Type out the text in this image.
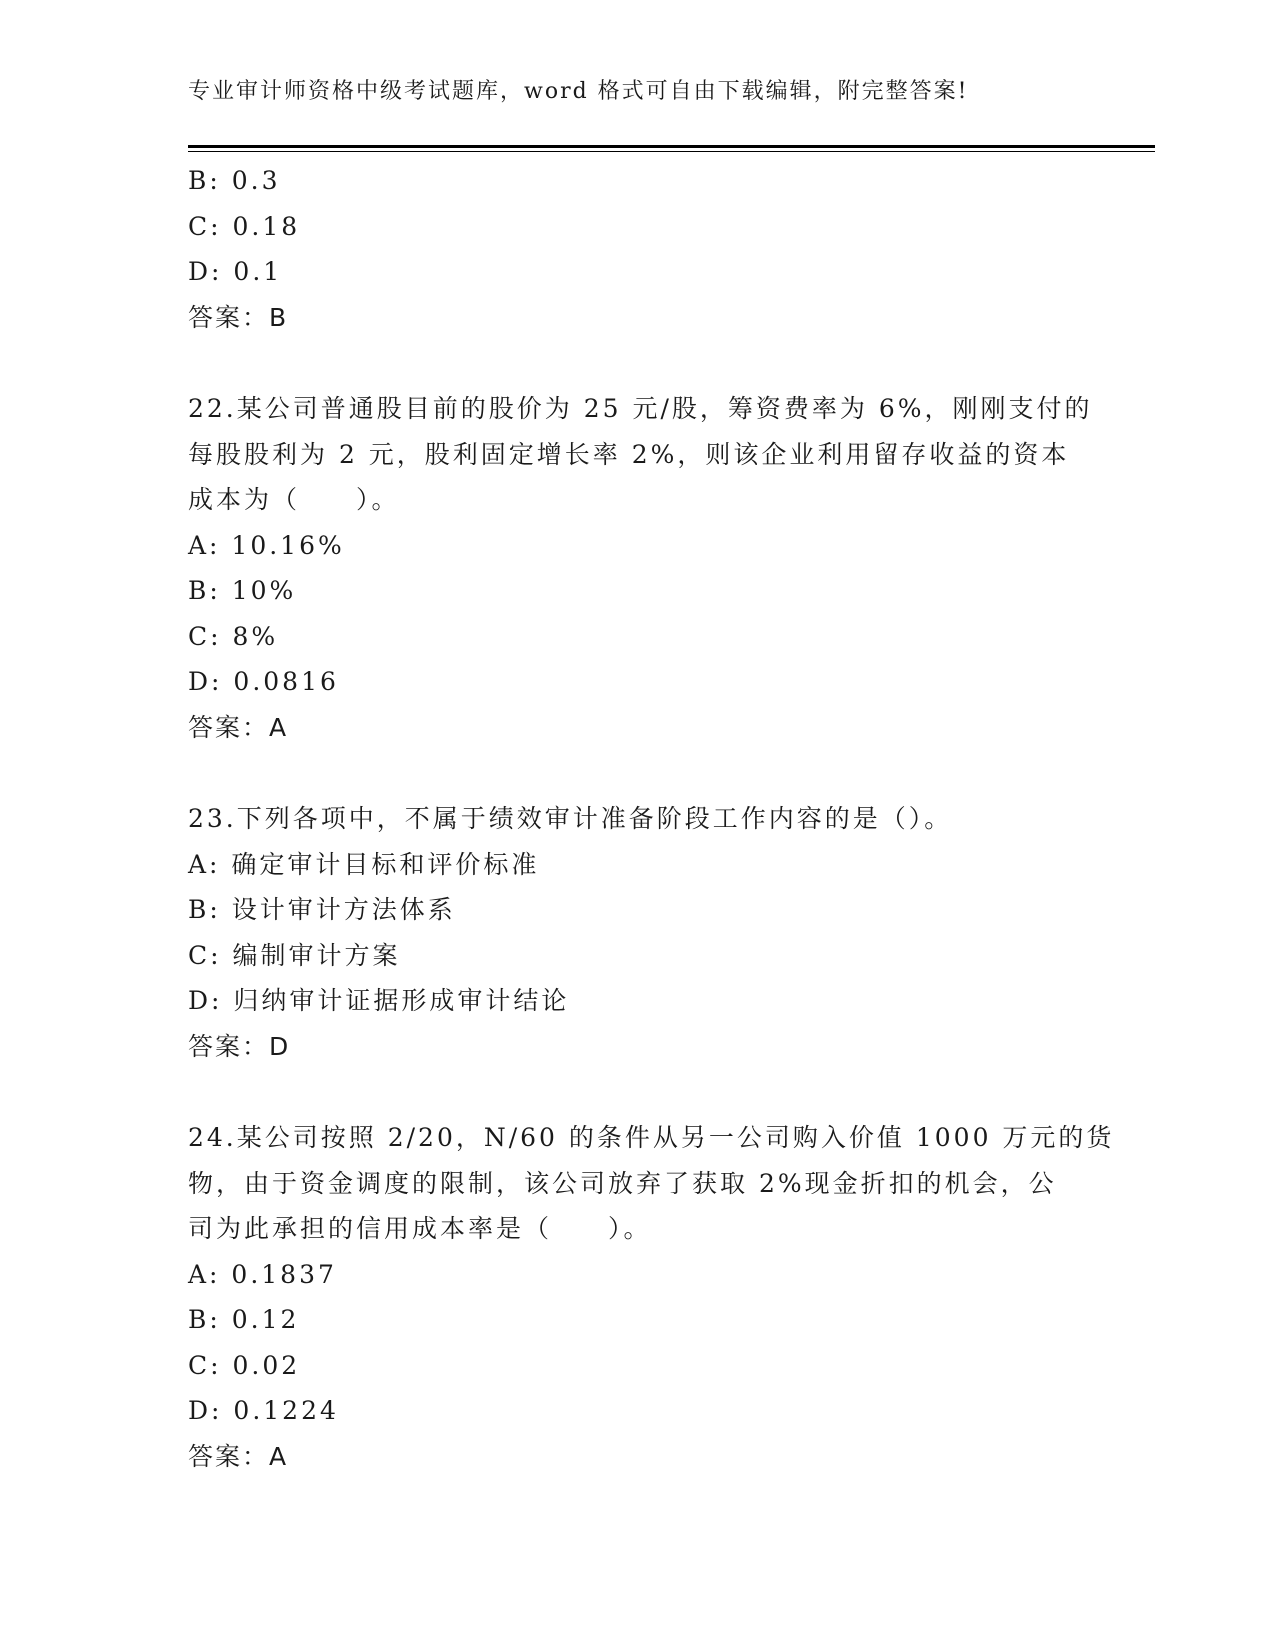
专业审计师资格中级考试题库，word 格式可自由下载编辑，附完整答案!
B: 0.3
C: 0.18
D: 0.1
答案：B
22.某公司普通股目前的股价为 25 元/股，筹资费率为 6%，刚刚支付的
每股股利为 2 元，股利固定增长率 2%，则该企业利用留存收益的资本
成本为（　　）。
A: 10.16%
B: 10%
C: 8%
D: 0.0816
答案：A
23.下列各项中，不属于绩效审计准备阶段工作内容的是（）。
A: 确定审计目标和评价标准
B: 设计审计方法体系
C: 编制审计方案
D: 归纳审计证据形成审计结论
答案：D
24.某公司按照 2/20，N/60 的条件从另一公司购入价值 1000 万元的货
物，由于资金调度的限制，该公司放弃了获取 2%现金折扣的机会，公
司为此承担的信用成本率是（　　）。
A: 0.1837
B: 0.12
C: 0.02
D: 0.1224
答案：A
